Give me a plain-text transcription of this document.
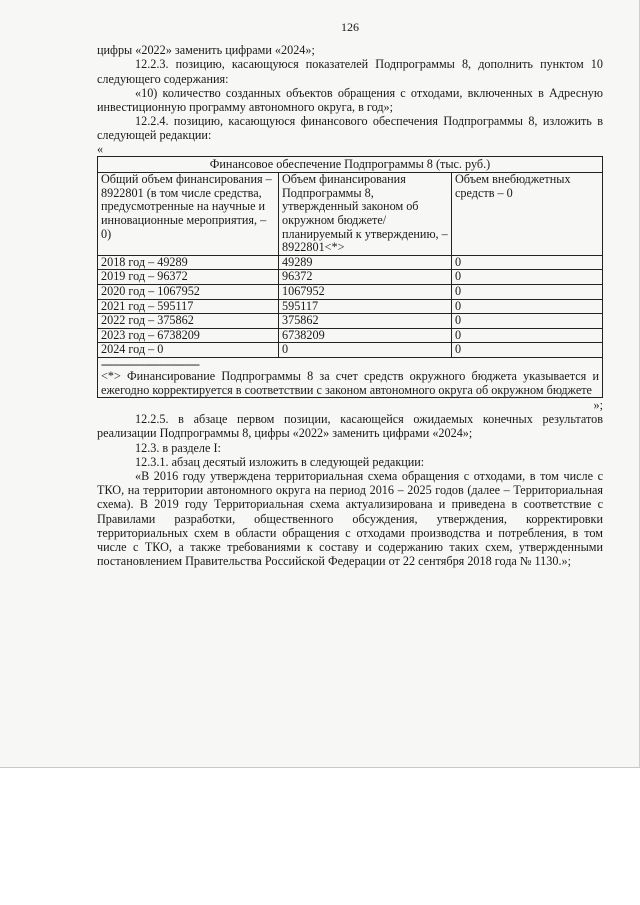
126

цифры «2022» заменить цифрами «2024»;

12.2.3. позицию, касающуюся показателей Подпрограммы 8, дополнить пунктом 10 следующего содержания:

«10) количество созданных объектов обращения с отходами, включенных в Адресную инвестиционную программу автономного округа, в год»;

12.2.4. позицию, касающуюся финансового обеспечения Подпрограммы 8, изложить в следующей редакции:

«

Финансовое обеспечение Подпрограммы 8 (тыс. руб.)		
Общий объем финансирования – 8922801 (в том числе средства, предусмотренные на научные и инновационные мероприятия, – 0)	Объем финансирования Подпрограммы 8, утвержденный законом об окружном бюджете/планируемый к утверждению, – 8922801<*>	Объем внебюджетных средств – 0
2018 год – 49289	49289	0
2019 год – 96372	96372	0
2020 год – 1067952	1067952	0
2021 год – 595117	595117	0
2022 год – 375862	375862	0
2023 год – 6738209	6738209	0
2024 год – 0	0	0

--------------------------------
<*> Финансирование Подпрограммы 8 за счет средств окружного бюджета указывается и ежегодно корректируется в соответствии с законом автономного округа об окружном бюджете		

»;

12.2.5. в абзаце первом позиции, касающейся ожидаемых конечных результатов реализации Подпрограммы 8, цифры «2022» заменить цифрами «2024»;

12.3. в разделе I:

12.3.1. абзац десятый изложить в следующей редакции:

«В 2016 году утверждена территориальная схема обращения с отходами, в том числе с ТКО, на территории автономного округа на период 2016 – 2025 годов (далее – Территориальная схема). В 2019 году Территориальная схема актуализирована и приведена в соответствие с Правилами разработки, общественного обсуждения, утверждения, корректировки территориальных схем в области обращения с отходами производства и потребления, в том числе с ТКО, а также требованиями к составу и содержанию таких схем, утвержденными постановлением Правительства Российской Федерации от 22 сентября 2018 года № 1130.»;
